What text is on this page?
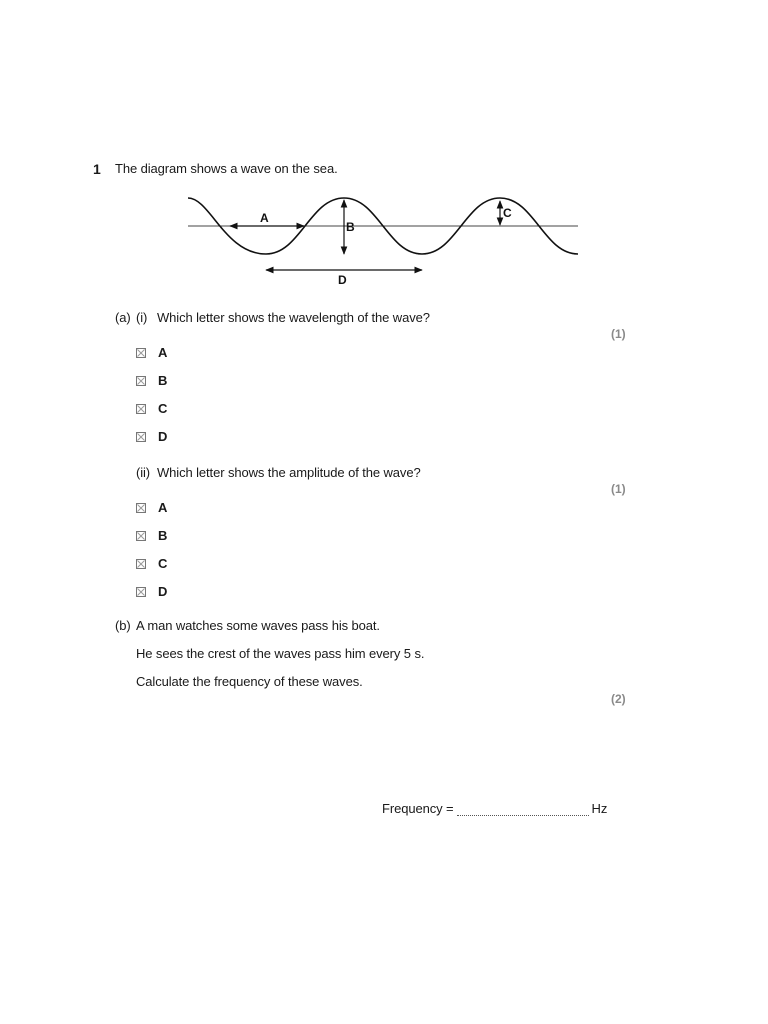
1 The diagram shows a wave on the sea.
A
B
C
D
(a) (i) Which letter shows the wavelength of the wave?
(1)
A
B
C
D
(ii) Which letter shows the amplitude of the wave?
(1)
A
B
C
D
(b) A man watches some waves pass his boat.
He sees the crest of the waves pass him every 5 s.
Calculate the frequency of these waves.
(2)
Frequency =	Hz
